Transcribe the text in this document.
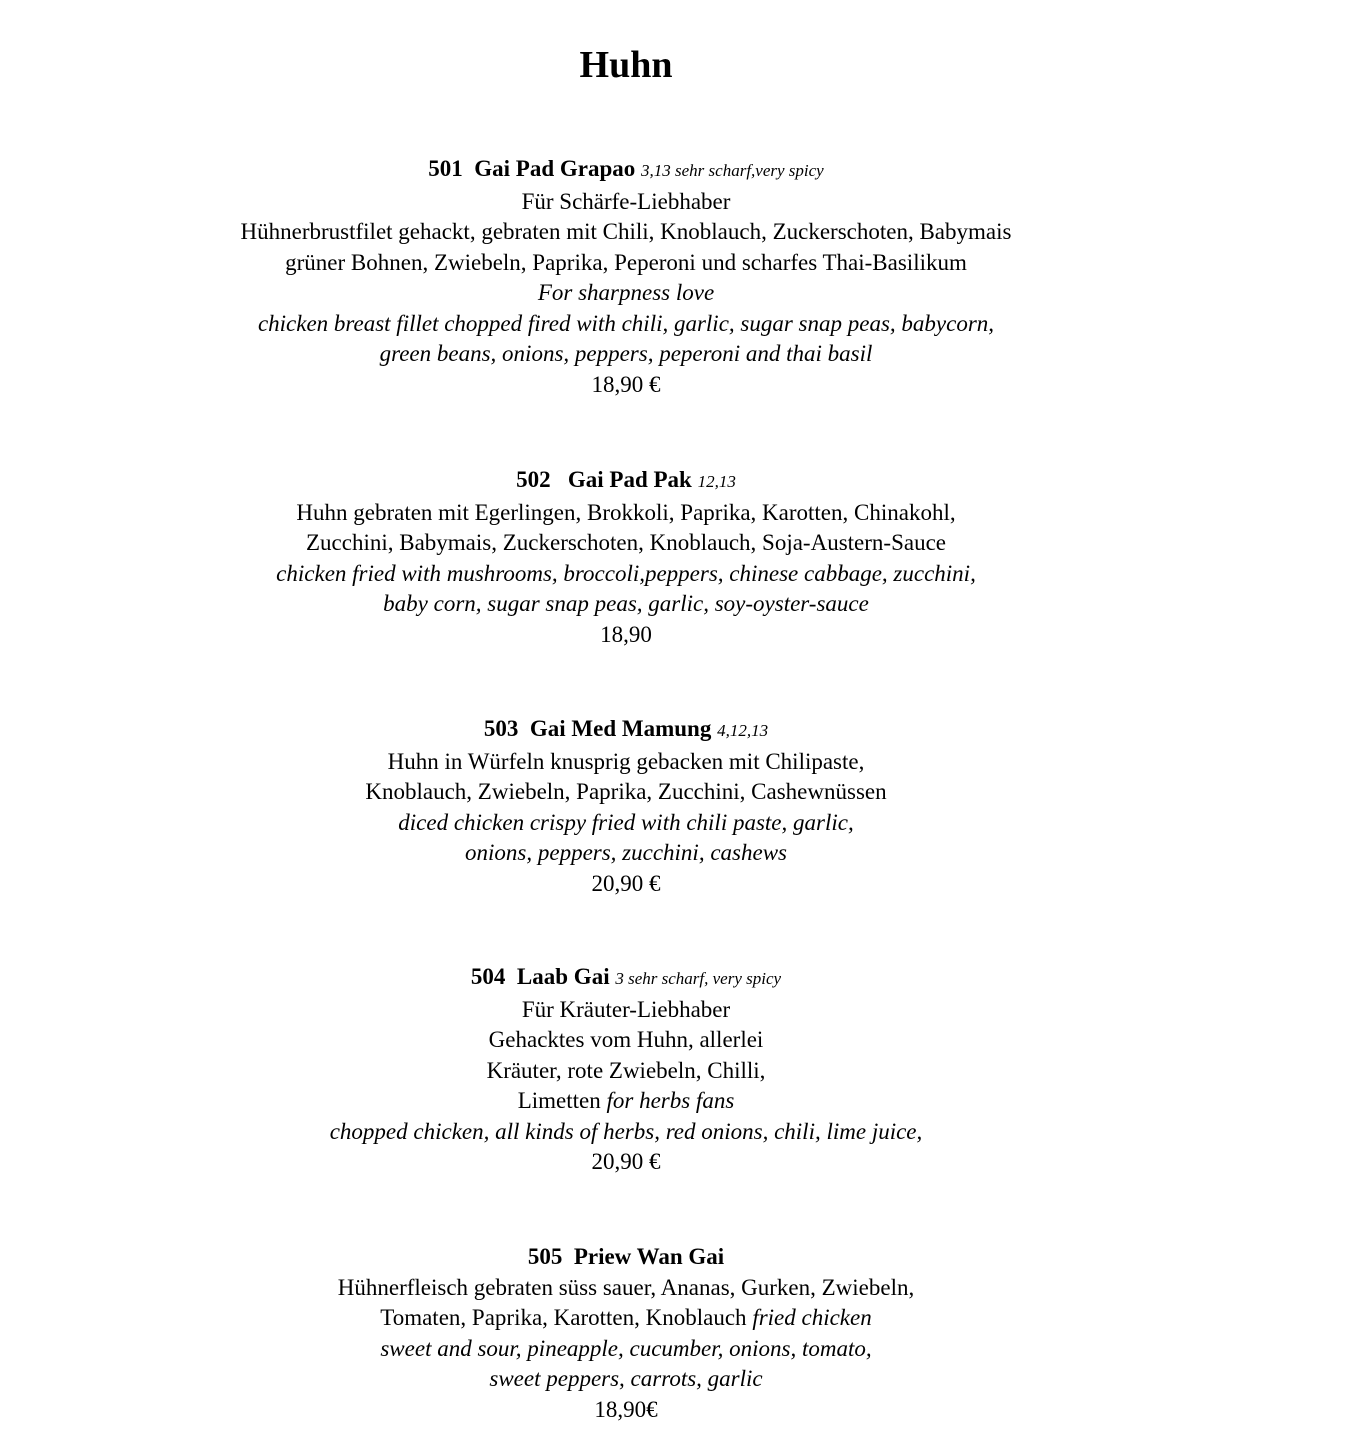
Huhn
501 Gai Pad Grapao 3,13 sehr scharf,very spicy
Für Schärfe-Liebhaber
Hühnerbrustfilet gehackt, gebraten mit Chili, Knoblauch, Zuckerschoten, Babymais
grüner Bohnen, Zwiebeln, Paprika, Peperoni und scharfes Thai-Basilikum
For sharpness love
chicken breast fillet chopped fired with chili, garlic, sugar snap peas, babycorn,
green beans, onions, peppers, peperoni and thai basil
18,90 €
502 Gai Pad Pak 12,13
Huhn gebraten mit Egerlingen, Brokkoli, Paprika, Karotten, Chinakohl,
Zucchini, Babymais, Zuckerschoten, Knoblauch, Soja-Austern-Sauce
chicken fried with mushrooms, broccoli,peppers, chinese cabbage, zucchini,
baby corn, sugar snap peas, garlic, soy-oyster-sauce
18,90
503 Gai Med Mamung 4,12,13
Huhn in Würfeln knusprig gebacken mit Chilipaste,
Knoblauch, Zwiebeln, Paprika, Zucchini, Cashewnüssen
diced chicken crispy fried with chili paste, garlic,
onions, peppers, zucchini, cashews
20,90 €
504 Laab Gai 3 sehr scharf, very spicy
Für Kräuter-Liebhaber
Gehacktes vom Huhn, allerlei
Kräuter, rote Zwiebeln, Chilli,
Limetten for herbs fans
chopped chicken, all kinds of herbs, red onions, chili, lime juice,
20,90 €
505 Priew Wan Gai
Hühnerfleisch gebraten süss sauer, Ananas, Gurken, Zwiebeln,
Tomaten, Paprika, Karotten, Knoblauch fried chicken
sweet and sour, pineapple, cucumber, onions, tomato,
sweet peppers, carrots, garlic
18,90€
